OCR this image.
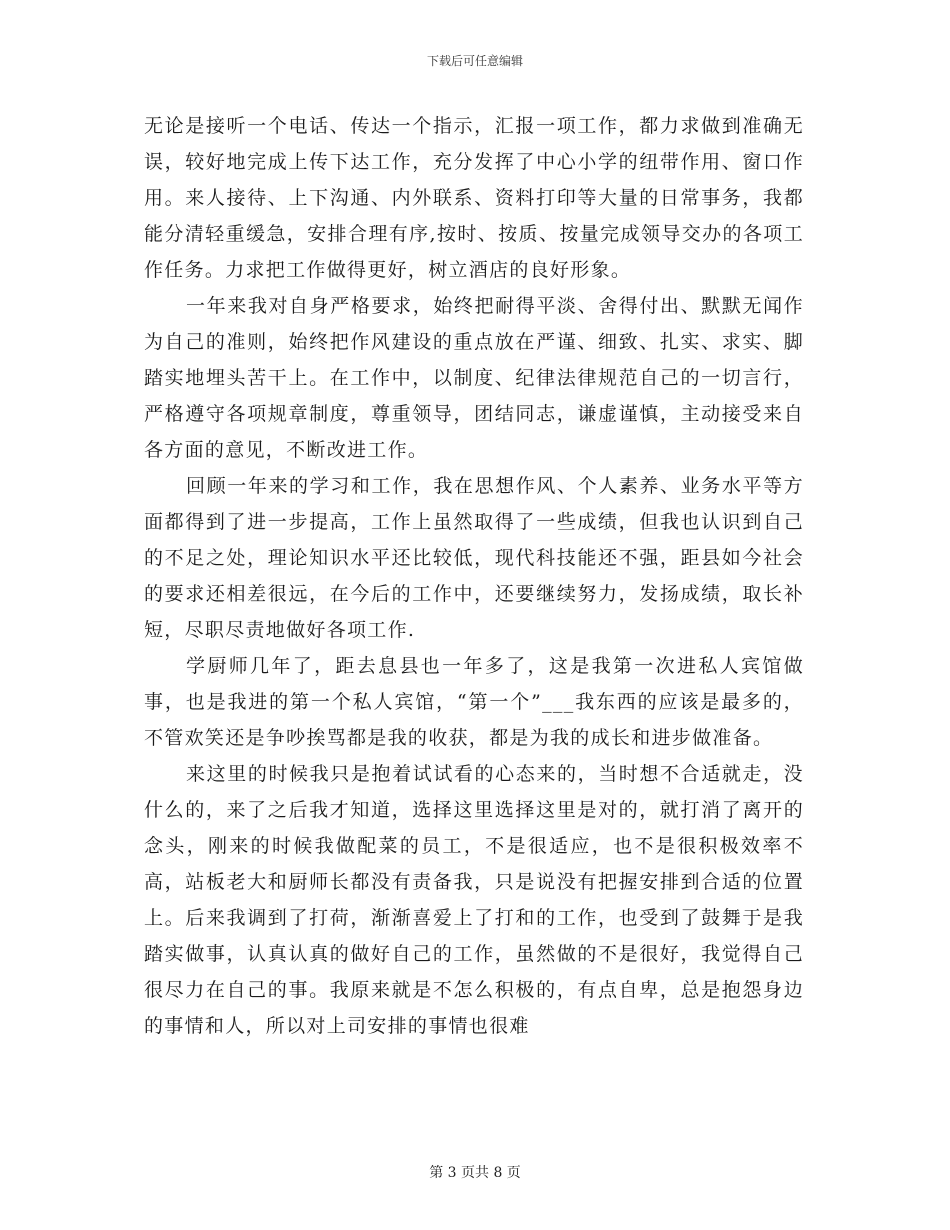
下载后可任意编辑

无论是接听一个电话、传达一个指示，汇报一项工作，都力求做到准确无误，较好地完成上传下达工作，充分发挥了中心小学的纽带作用、窗口作用。来人接待、上下沟通、内外联系、资料打印等大量的日常事务，我都能分清轻重缓急，安排合理有序,按时、按质、按量完成领导交办的各项工作任务。力求把工作做得更好，树立酒店的良好形象。

一年来我对自身严格要求，始终把耐得平淡、舍得付出、默默无闻作为自己的准则，始终把作风建设的重点放在严谨、细致、扎实、求实、脚踏实地埋头苦干上。在工作中，以制度、纪律法律规范自己的一切言行，严格遵守各项规章制度，尊重领导，团结同志，谦虚谨慎，主动接受来自各方面的意见，不断改进工作。

回顾一年来的学习和工作，我在思想作风、个人素养、业务水平等方面都得到了进一步提高，工作上虽然取得了一些成绩，但我也认识到自己的不足之处，理论知识水平还比较低，现代科技能还不强，距县如今社会的要求还相差很远，在今后的工作中，还要继续努力，发扬成绩，取长补短，尽职尽责地做好各项工作.

学厨师几年了，距去息县也一年多了，这是我第一次进私人宾馆做事，也是我进的第一个私人宾馆，“第一个”___我东西的应该是最多的，不管欢笑还是争吵挨骂都是我的收获，都是为我的成长和进步做准备。

来这里的时候我只是抱着试试看的心态来的，当时想不合适就走，没什么的，来了之后我才知道，选择这里选择这里是对的，就打消了离开的念头，刚来的时候我做配菜的员工，不是很适应，也不是很积极效率不高，站板老大和厨师长都没有责备我，只是说没有把握安排到合适的位置上。后来我调到了打荷，渐渐喜爱上了打和的工作，也受到了鼓舞于是我踏实做事，认真认真的做好自己的工作，虽然做的不是很好，我觉得自己很尽力在自己的事。我原来就是不怎么积极的，有点自卑，总是抱怨身边的事情和人，所以对上司安排的事情也很难

第 3 页共 8 页
